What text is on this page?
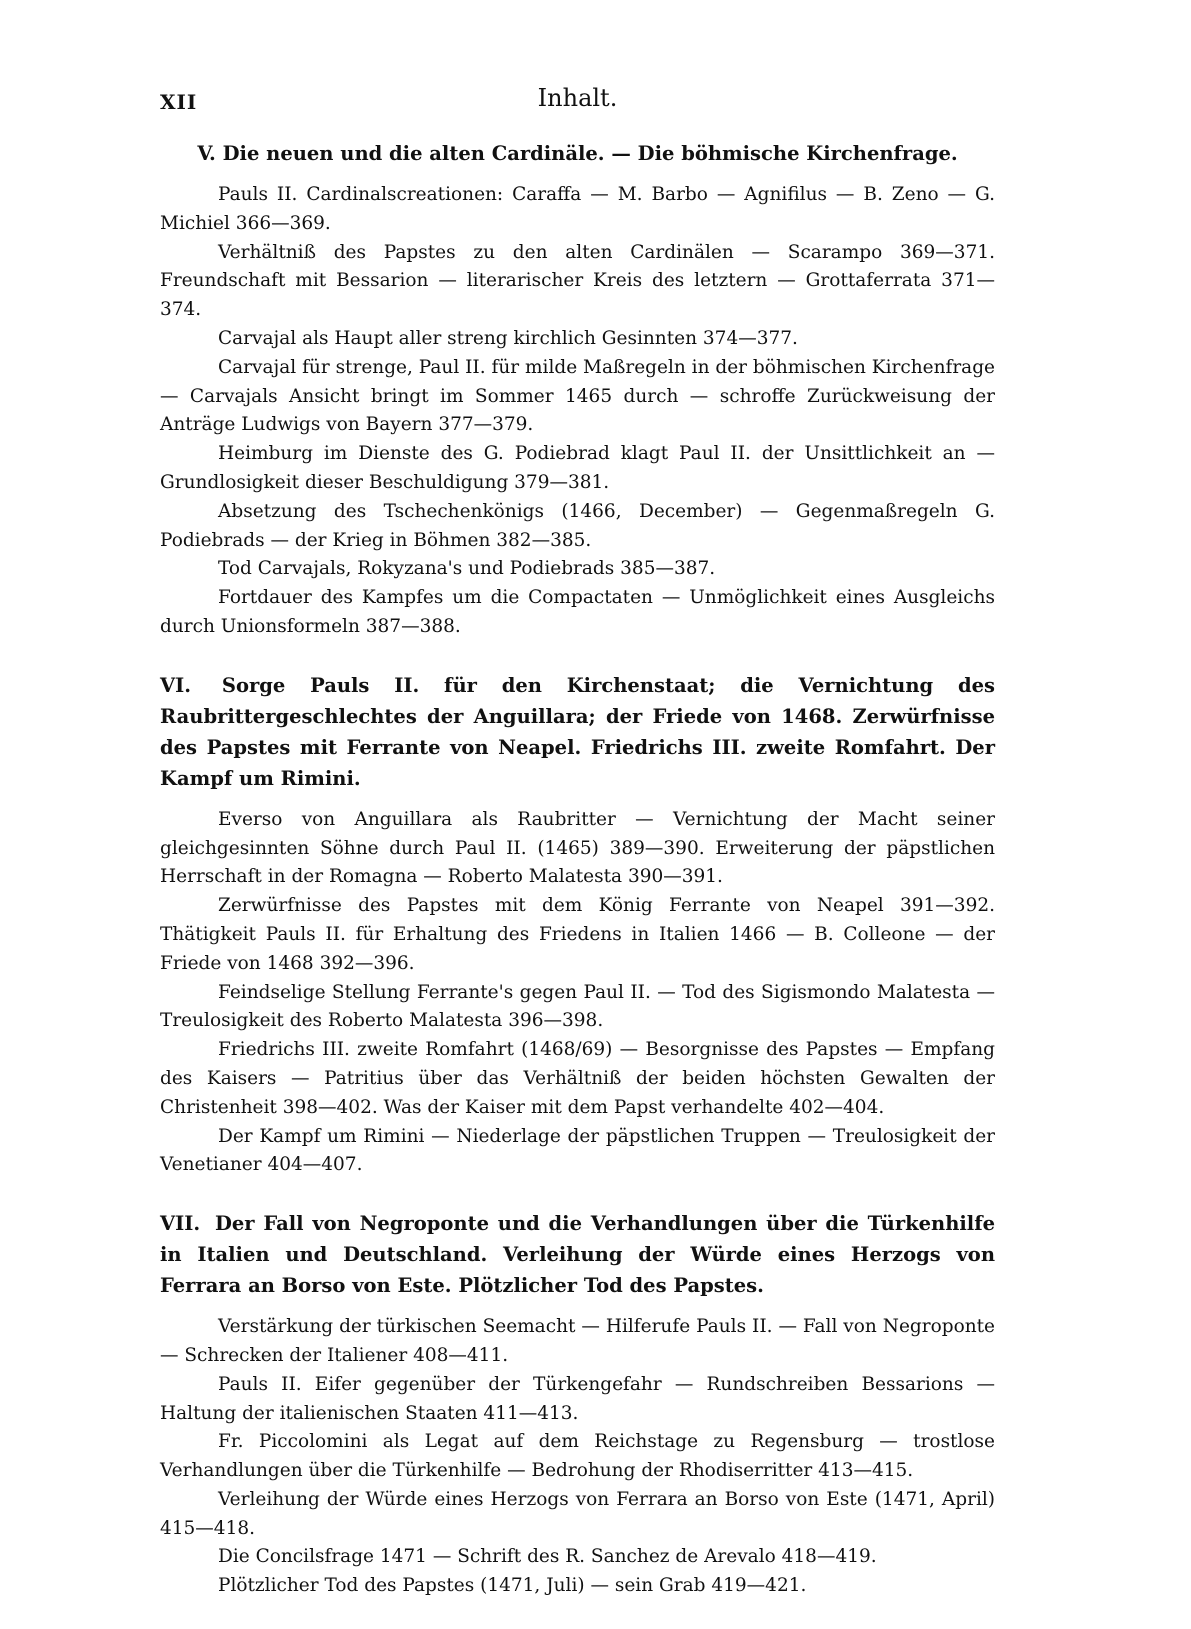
XII	Inhalt.

V. Die neuen und die alten Cardinäle. — Die böhmische Kirchenfrage.

Pauls II. Cardinalscreationen: Caraffa — M. Barbo — Agnifilus — B. Zeno — G. Michiel 366—369.

Verhältniß des Papstes zu den alten Cardinälen — Scarampo 369—371. Freundschaft mit Bessarion — literarischer Kreis des letztern — Grottaferrata 371—374.

Carvajal als Haupt aller streng kirchlich Gesinnten 374—377.

Carvajal für strenge, Paul II. für milde Maßregeln in der böhmischen Kirchenfrage — Carvajals Ansicht bringt im Sommer 1465 durch — schroffe Zurückweisung der Anträge Ludwigs von Bayern 377—379.

Heimburg im Dienste des G. Podiebrad klagt Paul II. der Unsittlichkeit an — Grundlosigkeit dieser Beschuldigung 379—381.

Absetzung des Tschechenkönigs (1466, December) — Gegenmaßregeln G. Podiebrads — der Krieg in Böhmen 382—385.

Tod Carvajals, Rokyzana's und Podiebrads 385—387.

Fortdauer des Kampfes um die Compactaten — Unmöglichkeit eines Ausgleichs durch Unionsformeln 387—388.

VI. Sorge Pauls II. für den Kirchenstaat; die Vernichtung des Raubrittergeschlechtes der Anguillara; der Friede von 1468. Zerwürfnisse des Papstes mit Ferrante von Neapel. Friedrichs III. zweite Romfahrt. Der Kampf um Rimini.

Everso von Anguillara als Raubritter — Vernichtung der Macht seiner gleichgesinnten Söhne durch Paul II. (1465) 389—390. Erweiterung der päpstlichen Herrschaft in der Romagna — Roberto Malatesta 390—391.

Zerwürfnisse des Papstes mit dem König Ferrante von Neapel 391—392. Thätigkeit Pauls II. für Erhaltung des Friedens in Italien 1466 — B. Colleone — der Friede von 1468 392—396.

Feindselige Stellung Ferrante's gegen Paul II. — Tod des Sigismondo Malatesta — Treulosigkeit des Roberto Malatesta 396—398.

Friedrichs III. zweite Romfahrt (1468/69) — Besorgnisse des Papstes — Empfang des Kaisers — Patritius über das Verhältniß der beiden höchsten Gewalten der Christenheit 398—402. Was der Kaiser mit dem Papst verhandelte 402—404.

Der Kampf um Rimini — Niederlage der päpstlichen Truppen — Treulosigkeit der Venetianer 404—407.

VII. Der Fall von Negroponte und die Verhandlungen über die Türkenhilfe in Italien und Deutschland. Verleihung der Würde eines Herzogs von Ferrara an Borso von Este. Plötzlicher Tod des Papstes.

Verstärkung der türkischen Seemacht — Hilferufe Pauls II. — Fall von Negroponte — Schrecken der Italiener 408—411.

Pauls II. Eifer gegenüber der Türkengefahr — Rundschreiben Bessarions — Haltung der italienischen Staaten 411—413.

Fr. Piccolomini als Legat auf dem Reichstage zu Regensburg — trostlose Verhandlungen über die Türkenhilfe — Bedrohung der Rhodiserritter 413—415.

Verleihung der Würde eines Herzogs von Ferrara an Borso von Este (1471, April) 415—418.

Die Concilsfrage 1471 — Schrift des R. Sanchez de Arevalo 418—419.

Plötzlicher Tod des Papstes (1471, Juli) — sein Grab 419—421.
